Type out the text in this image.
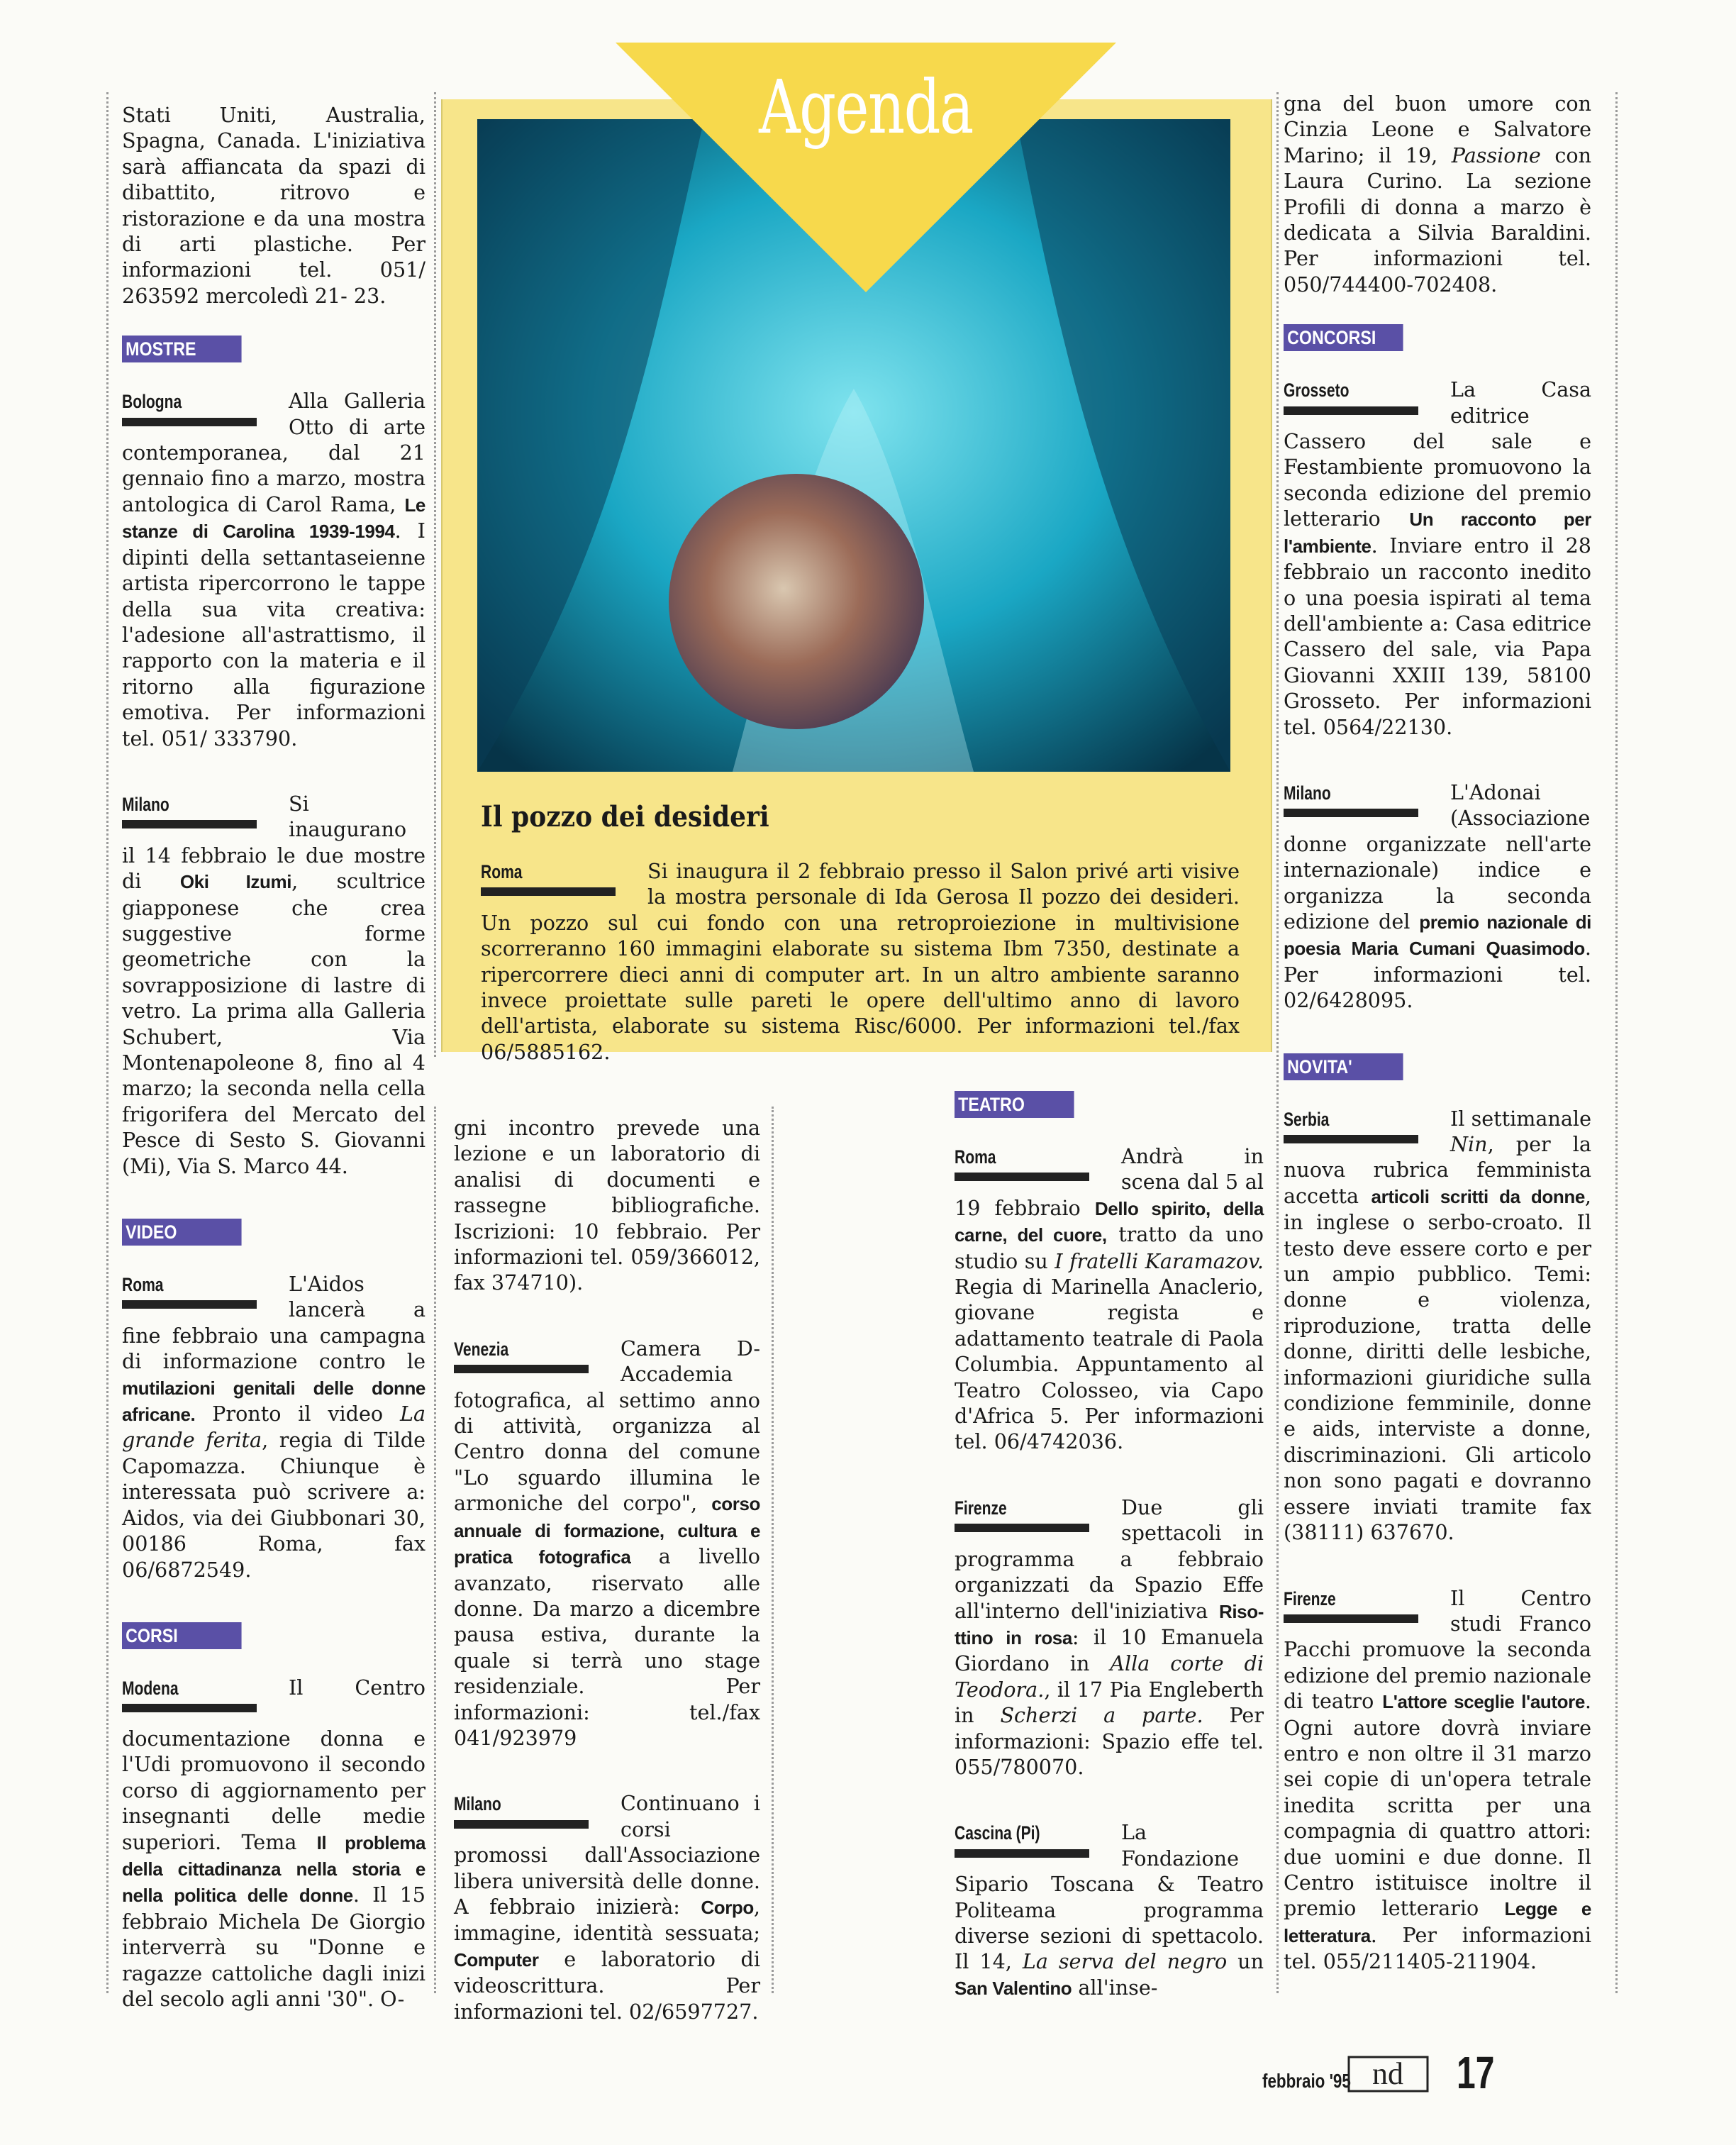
Stati Uniti, Australia, Spagna, Canada. L'iniziativa sarà affiancata da spazi di dibattito, ritrovo e ristorazione e da una mostra di arti plastiche. Per informazioni tel. 051/ 263592 mercoledì 21- 23.

MOSTRE
Bologna	Alla Galleria Otto di arte contemporanea, dal 21 gennaio fino a marzo, mostra antologica di Carol Rama, Le stanze di Carolina 1939-1994. I dipinti della settantaseienne artista ripercorrono le tappe della sua vita creativa: l'adesione all'astrattismo, il rapporto con la materia e il ritorno alla figurazione emotiva. Per informazioni tel. 051/ 333790.
Milano	Si inaugurano il 14 febbraio le due mostre di Oki Izumi, scultrice giapponese che crea suggestive forme geometriche con la sovrapposizione di lastre di vetro. La prima alla Galleria Schubert, Via Montenapoleone 8, fino al 4 marzo; la seconda nella cella frigorifera del Mercato del Pesce di Sesto S. Giovanni (Mi), Via S. Marco 44.
VIDEO
Roma	L'Aidos lancerà a fine febbraio una campagna di informazione contro le mutilazioni genitali delle donne africane. Pronto il video La grande ferita, regia di Tilde Capomazza. Chiunque è interessata può scrivere a: Aidos, via dei Giubbonari 30, 00186 Roma, fax 06/6872549.
CORSI
Modena	Il Centro documentazione donna e l'Udi promuovono il secondo corso di aggiornamento per insegnanti delle medie superiori. Tema Il problema della cittadinanza nella storia e nella politica delle donne. Il 15 febbraio Michela De Giorgio interverrà su "Donne e ragazze cattoliche dagli inizi del secolo agli anni '30". O-
Agenda
Il pozzo dei desideri
Roma	Si inaugura il 2 febbraio presso il Salon privé arti visive la mostra personale di Ida Gerosa Il pozzo dei desideri. Un pozzo sul cui fondo con una retroproiezione in multivisione scorreranno 160 immagini elaborate su sistema Ibm 7350, destinate a ripercorrere dieci anni di computer art. In un altro ambiente saranno invece proiettate sulle pareti le opere dell'ultimo anno di lavoro dell'artista, elaborate su sistema Risc/6000. Per informazioni tel./fax 06/5885162.
gni incontro prevede una lezione e un laboratorio di analisi di documenti e rassegne bibliografiche. Iscrizioni: 10 febbraio. Per informazioni tel. 059/366012, fax 374710).
Venezia	Camera D-Accademia fotografica, al settimo anno di attività, organizza al Centro donna del comune "Lo sguardo illumina le armoniche del corpo", corso annuale di formazione, cultura e pratica fotografica a livello avanzato, riservato alle donne. Da marzo a dicembre pausa estiva, durante la quale si terrà uno stage residenziale. Per informazioni: tel./fax 041/923979
Milano	Continuano i corsi promossi dall'Associazione libera università delle donne. A febbraio inizierà: Corpo, immagine, identità sessuata; Computer e laboratorio di videoscrittura. Per informazioni tel. 02/6597727.
TEATRO
Roma	Andrà in scena dal 5 al 19 febbraio Dello spirito, della carne, del cuore, tratto da uno studio su I fratelli Karamazov. Regia di Marinella Anaclerio, giovane regista e adattamento teatrale di Paola Columbia. Appuntamento al Teatro Colosseo, via Capo d'Africa 5. Per informazioni tel. 06/4742036.
Firenze	Due gli spettacoli in programma a febbraio organizzati da Spazio Effe all'interno dell'iniziativa Riso-ttino in rosa: il 10 Emanuela Giordano in Alla corte di Teodora., il 17 Pia Engleberth in Scherzi a parte. Per informazioni: Spazio effe tel. 055/780070.
Cascina (Pi)	La Fondazione Sipario Toscana & Teatro Politeama programma diverse sezioni di spettacolo. Il 14, La serva del negro un San Valentino all'inse-

gna del buon umore con Cinzia Leone e Salvatore Marino; il 19, Passione con Laura Curino. La sezione Profili di donna a marzo è dedicata a Silvia Baraldini. Per informazioni tel. 050/744400-702408.

CONCORSI
Grosseto	La Casa editrice Cassero del sale e Festambiente promuovono la seconda edizione del premio letterario Un racconto per l'ambiente. Inviare entro il 28 febbraio un racconto inedito o una poesia ispirati al tema dell'ambiente a: Casa editrice Cassero del sale, via Papa Giovanni XXIII 139, 58100 Grosseto. Per informazioni tel. 0564/22130.
Milano	L'Adonai (Associazione donne organizzate nell'arte internazionale) indice e organizza la seconda edizione del premio nazionale di poesia Maria Cumani Quasimodo. Per informazioni tel. 02/6428095.
NOVITA'
Serbia	Il settimanale Nin, per la nuova rubrica femminista accetta articoli scritti da donne, in inglese o serbo-croato. Il testo deve essere corto e per un ampio pubblico. Temi: donne e violenza, riproduzione, tratta delle donne, diritti delle lesbiche, informazioni giuridiche sulla condizione femminile, donne e aids, interviste a donne, discriminazioni. Gli articolo non sono pagati e dovranno essere inviati tramite fax (38111) 637670.
Firenze	Il Centro studi Franco Pacchi promuove la seconda edizione del premio nazionale di teatro L'attore sceglie l'autore. Ogni autore dovrà inviare entro e non oltre il 31 marzo sei copie di un'opera tetrale inedita scritta per una compagnia di quattro attori: due uomini e due donne. Il Centro istituisce inoltre il premio letterario Legge e letteratura. Per informazioni tel. 055/211405-211904.
febbraio '95 nd 17
